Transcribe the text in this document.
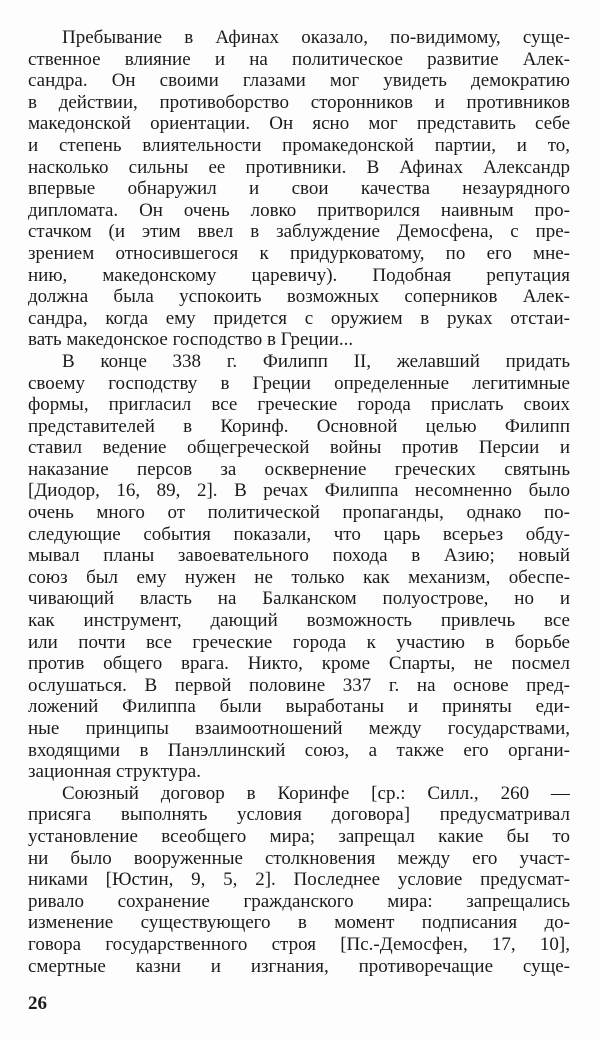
Пребывание в Афинах оказало, по-видимому, суще-
ственное влияние и на политическое развитие Алек-
сандра. Он своими глазами мог увидеть демократию
в действии, противоборство сторонников и противников
македонской ориентации. Он ясно мог представить себе
и степень влиятельности промакедонской партии, и то,
насколько сильны ее противники. В Афинах Александр
впервые обнаружил и свои качества незаурядного
дипломата. Он очень ловко притворился наивным про-
стачком (и этим ввел в заблуждение Демосфена, с пре-
зрением относившегося к придурковатому, по его мне-
нию, македонскому царевичу). Подобная репутация
должна была успокоить возможных соперников Алек-
сандра, когда ему придется с оружием в руках отстаи-
вать македонское господство в Греции...
В конце 338 г. Филипп II, желавший придать
своему господству в Греции определенные легитимные
формы, пригласил все греческие города прислать своих
представителей в Коринф. Основной целью Филипп
ставил ведение общегреческой войны против Персии и
наказание персов за осквернение греческих святынь
[Диодор, 16, 89, 2]. В речах Филиппа несомненно было
очень много от политической пропаганды, однако по-
следующие события показали, что царь всерьез обду-
мывал планы завоевательного похода в Азию; новый
союз был ему нужен не только как механизм, обеспе-
чивающий власть на Балканском полуострове, но и
как инструмент, дающий возможность привлечь все
или почти все греческие города к участию в борьбе
против общего врага. Никто, кроме Спарты, не посмел
ослушаться. В первой половине 337 г. на основе пред-
ложений Филиппа были выработаны и приняты еди-
ные принципы взаимоотношений между государствами,
входящими в Панэллинский союз, а также его органи-
зационная структура.
Союзный договор в Коринфе [ср.: Силл., 260 —
присяга выполнять условия договора] предусматривал
установление всеобщего мира; запрещал какие бы то
ни было вооруженные столкновения между его участ-
никами [Юстин, 9, 5, 2]. Последнее условие предусмат-
ривало сохранение гражданского мира: запрещались
изменение существующего в момент подписания до-
говора государственного строя [Пс.-Демосфен, 17, 10],
смертные казни и изгнания, противоречащие суще-
26
